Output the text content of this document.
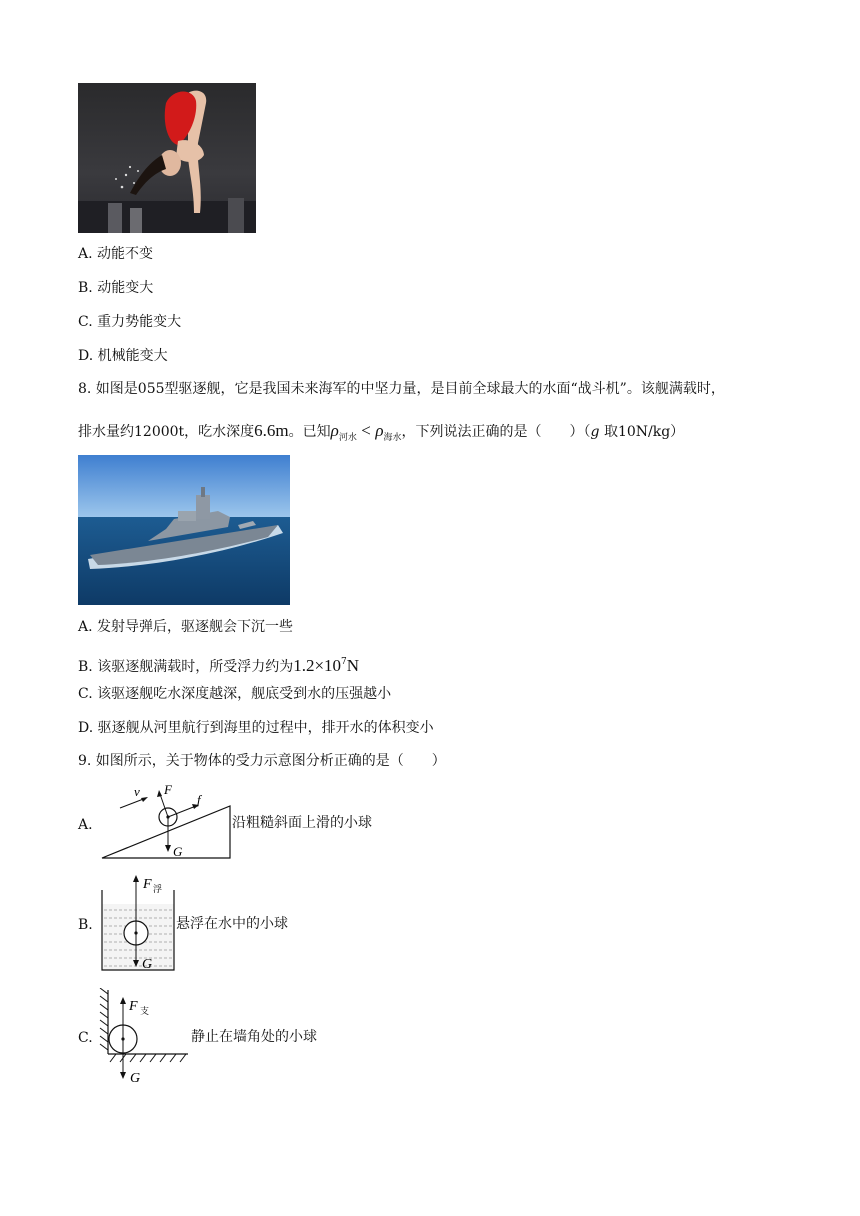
A. 动能不变
B. 动能变大
C. 重力势能变大
D. 机械能变大
8. 如图是055型驱逐舰，它是我国未来海军的中坚力量，是目前全球最大的水面“战斗机”。该舰满载时，
排水量约12000t，吃水深度6.6m。已知$\rho_{河水} < \rho_{海水}$，下列说法正确的是（　　）（g 取10N/kg）
A. 发射导弹后，驱逐舰会下沉一些
B. 该驱逐舰满载时，所受浮力约为$1.2\times 10^7N$
C. 该驱逐舰吃水深度越深，舰底受到水的压强越小
D. 驱逐舰从河里航行到海里的过程中，排开水的体积变小
9. 如图所示，关于物体的受力示意图分析正确的是（　　）
A.
v F
f
G
沿粗糙斜面上滑的小球
B.
F 浮
G
悬浮在水中的小球
C.
F 支
G
静止在墙角处的小球
